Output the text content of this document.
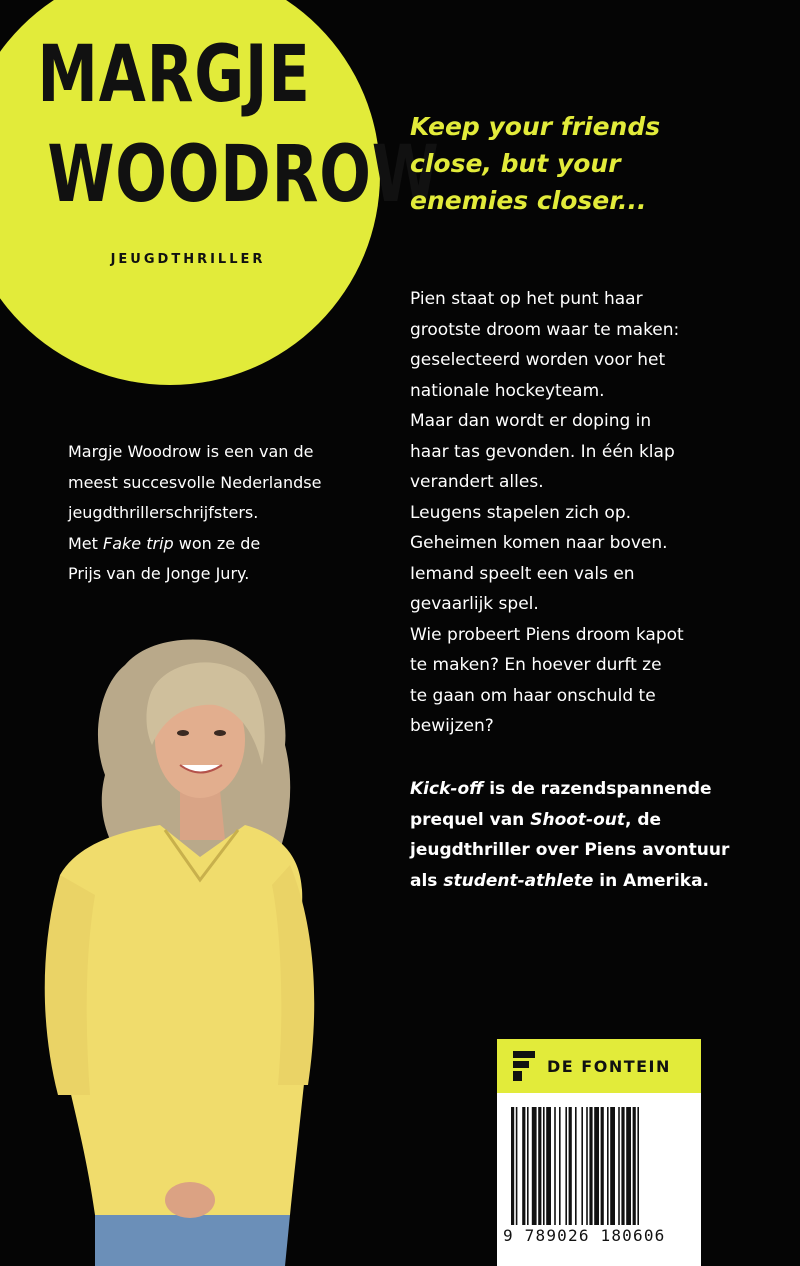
MARGJE
WOODROW
JEUGDTHRILLER
Keep your friends
close, but your
enemies closer...
Pien staat op het punt haar
grootste droom waar te maken:
geselecteerd worden voor het
nationale hockeyteam.
Maar dan wordt er doping in
haar tas gevonden. In één klap
verandert alles.
Leugens stapelen zich op.
Geheimen komen naar boven.
Iemand speelt een vals en
gevaarlijk spel.
Wie probeert Piens droom kapot
te maken? En hoever durft ze
te gaan om haar onschuld te
bewijzen?
Kick-off is de razendspannende
prequel van Shoot-out, de
jeugdthriller over Piens avontuur
als student-athlete in Amerika.
Margje Woodrow is een van de
meest succesvolle Nederlandse
jeugdthrillerschrijfsters.
Met Fake trip won ze de
Prijs van de Jonge Jury.
DE FONTEIN
9 789026 180606
